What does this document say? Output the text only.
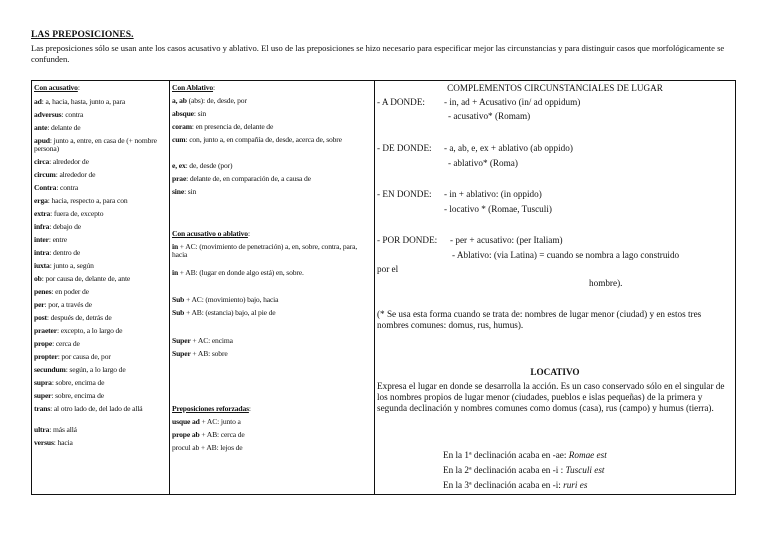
LAS PREPOSICIONES.
Las preposiciones sólo se usan ante los casos acusativo y ablativo. El uso de las preposiciones se hizo necesario para especificar mejor las circunstancias y para distinguir casos que morfológicamente se confunden.
Con acusativo:
ad: a, hacia, hasta, junto a, para
adversus: contra
ante: delante de
apud: junto a, entre, en casa de (+ nombre persona)
circa: alrededor de
circum: alrededor de
Contra: contra
erga: hacia, respecto a, para con
extra: fuera de, excepto
infra: debajo de
inter: entre
intra: dentro de
iuxta: junto a, según
ob: por causa de, delante de, ante
penes: en poder de
per: por, a través de
post: después de, detrás de
praeter: excepto, a lo largo de
prope: cerca de
propter: por causa de, por
secundum: según, a lo largo de
supra: sobre, encima de
super: sobre, encima de
trans: al otro lado de, del lado de allá
ultra: más allá
versus: hacia

Con Ablativo:
a, ab (abs): de, desde, por
absque: sin
coram: en presencia de, delante de
cum: con, junto a, en compañía de, desde, acerca de, sobre
e, ex: de, desde (por)
prae: delante de, en comparación de, a causa de
sine: sin
Con acusativo o ablativo:
in + AC: (movimiento de penetración) a, en, sobre, contra, para, hacia
in + AB: (lugar en donde algo está) en, sobre.
Sub + AC: (movimiento) bajo, hacia
Sub + AB: (estancia) bajo, al pie de
Super + AC: encima
Super + AB: sobre
Preposiciones reforzadas:
usque ad + AC: junto a
prope ab + AB: cerca de
procul ab + AB: lejos de

COMPLEMENTOS CIRCUNSTANCIALES DE LUGAR
- A DONDE: - in, ad + Acusativo (in/ ad oppidum)
- acusativo* (Romam)
- DE DONDE: - a, ab, e, ex + ablativo (ab oppido)
- ablativo* (Roma)
- EN DONDE: - in + ablativo: (in oppido)
- locativo * (Romae, Tusculi)
- POR DONDE: - per + acusativo: (per Italiam)
- Ablativo: (via Latina) = cuando se nombra a lago construido
por el
hombre).
(* Se usa esta forma cuando se trata de: nombres de lugar menor (ciudad) y en estos tres nombres comunes: domus, rus, humus).
LOCATIVO
Expresa el lugar en donde se desarrolla la acción. Es un caso conservado sólo en el singular de los nombres propios de lugar menor (ciudades, pueblos e islas pequeñas) de la primera y segunda declinación y nombres comunes como domus (casa), rus (campo) y humus (tierra).
En la 1ª declinación acaba en -ae: Romae est
En la 2ª declinación acaba en -i : Tusculi est
En la 3ª declinación acaba en -i: ruri es
